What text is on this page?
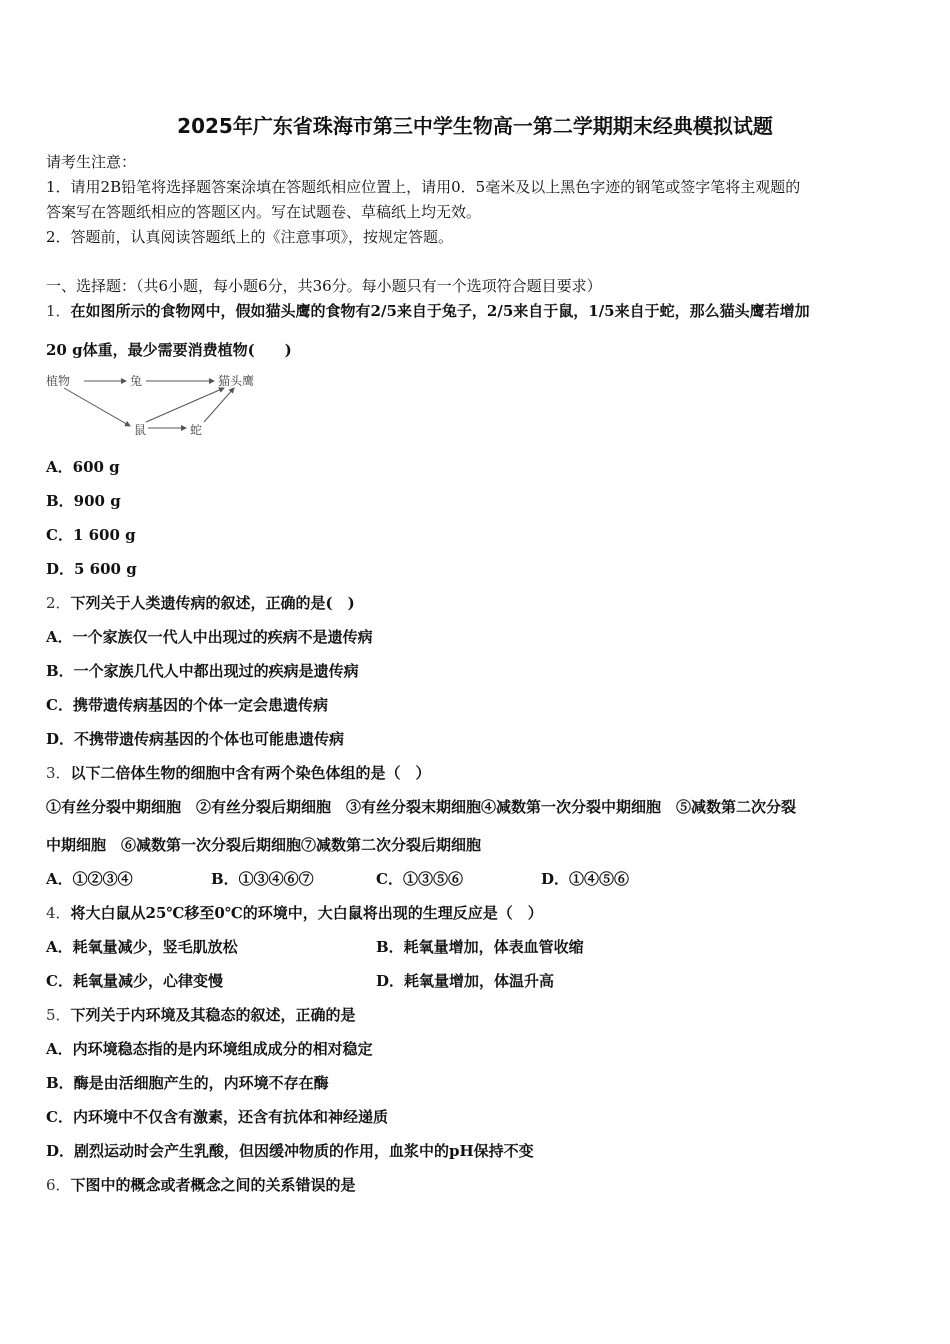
2025年广东省珠海市第三中学生物高一第二学期期末经典模拟试题
请考生注意：
1．请用2B铅笔将选择题答案涂填在答题纸相应位置上，请用0．5毫米及以上黑色字迹的钢笔或签字笔将主观题的
答案写在答题纸相应的答题区内。写在试题卷、草稿纸上均无效。
2．答题前，认真阅读答题纸上的《注意事项》，按规定答题。
一、选择题：（共6小题，每小题6分，共36分。每小题只有一个选项符合题目要求）
1．在如图所示的食物网中，假如猫头鹰的食物有2/5来自于兔子，2/5来自于鼠，1/5来自于蛇，那么猫头鹰若增加
20 g体重，最少需要消费植物(　　)
植物	兔	猫头鹰
鼠	蛇
A．600 g
B．900 g
C．1 600 g
D．5 600 g
2．下列关于人类遗传病的叙述，正确的是(　)
A．一个家族仅一代人中出现过的疾病不是遗传病
B．一个家族几代人中都出现过的疾病是遗传病
C．携带遗传病基因的个体一定会患遗传病
D．不携带遗传病基因的个体也可能患遗传病
3．以下二倍体生物的细胞中含有两个染色体组的是（　）
①有丝分裂中期细胞　②有丝分裂后期细胞　③有丝分裂末期细胞④减数第一次分裂中期细胞　⑤减数第二次分裂
中期细胞　⑥减数第一次分裂后期细胞⑦减数第二次分裂后期细胞
A．①②③④	B．①③④⑥⑦	C．①③⑤⑥	D．①④⑤⑥
4．将大白鼠从25℃移至0℃的环境中，大白鼠将出现的生理反应是（　）
A．耗氧量减少，竖毛肌放松	B．耗氧量增加，体表血管收缩
C．耗氧量减少，心律变慢	D．耗氧量增加，体温升高
5．下列关于内环境及其稳态的叙述，正确的是
A．内环境稳态指的是内环境组成成分的相对稳定
B．酶是由活细胞产生的，内环境不存在酶
C．内环境中不仅含有激素，还含有抗体和神经递质
D．剧烈运动时会产生乳酸，但因缓冲物质的作用，血浆中的pH保持不变
6．下图中的概念或者概念之间的关系错误的是
